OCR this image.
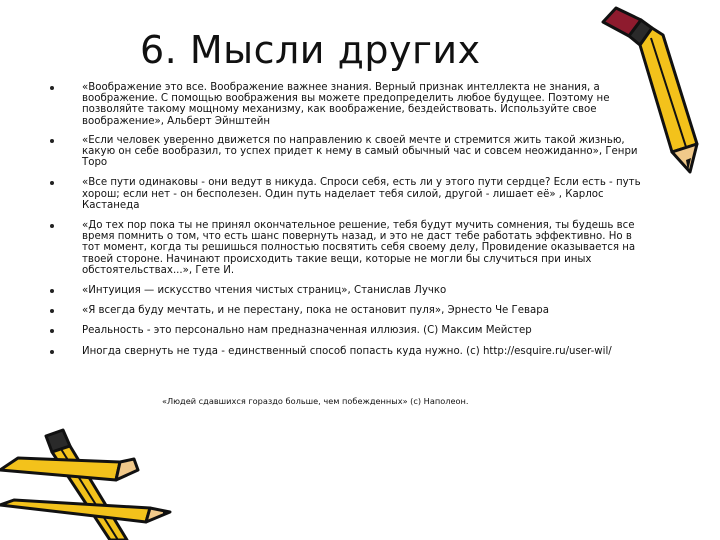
6. Мысли других
«Воображение это все. Воображение важнее знания. Верный признак интеллекта не знания, а воображение. С помощью воображения вы можете предопределить любое будущее. Поэтому не позволяйте такому мощному механизму, как воображение, бездействовать. Используйте свое воображение», Альберт Эйнштейн
«Если человек уверенно движется по направлению к своей мечте и стремится жить такой жизнью, какую он себе вообразил, то успех придет к нему в самый обычный час и совсем неожиданно», Генри Торо
«Все пути одинаковы - они ведут в никуда. Спроси себя, есть ли у этого пути сердце? Если есть - путь хорош; если нет - он бесполезен. Один путь наделает тебя силой, другой - лишает её» , Карлос Кастанеда
«До тех пор пока ты не принял окончательное решение, тебя будут мучить сомнения, ты будешь все время помнить о том, что есть шанс повернуть назад, и это не даст тебе работать эффективно. Но в тот момент, когда ты решишься полностью посвятить себя своему делу, Провидение оказывается на твоей стороне. Начинают происходить такие вещи, которые не могли бы случиться при иных обстоятельствах...», Гете И.
«Интуиция — искусство чтения чистых страниц», Станислав Лучко
«Я всегда буду мечтать, и не перестану, пока не остановит пуля», Эрнесто Че Гевара
Реальность - это персонально нам предназначенная иллюзия. (С) Максим Мейстер
Иногда свернуть не туда - единственный способ попасть куда нужно. (с) http://esquire.ru/user-wil/
«Людей сдавшихся гораздо больше, чем побежденных» (с) Наполеон.
